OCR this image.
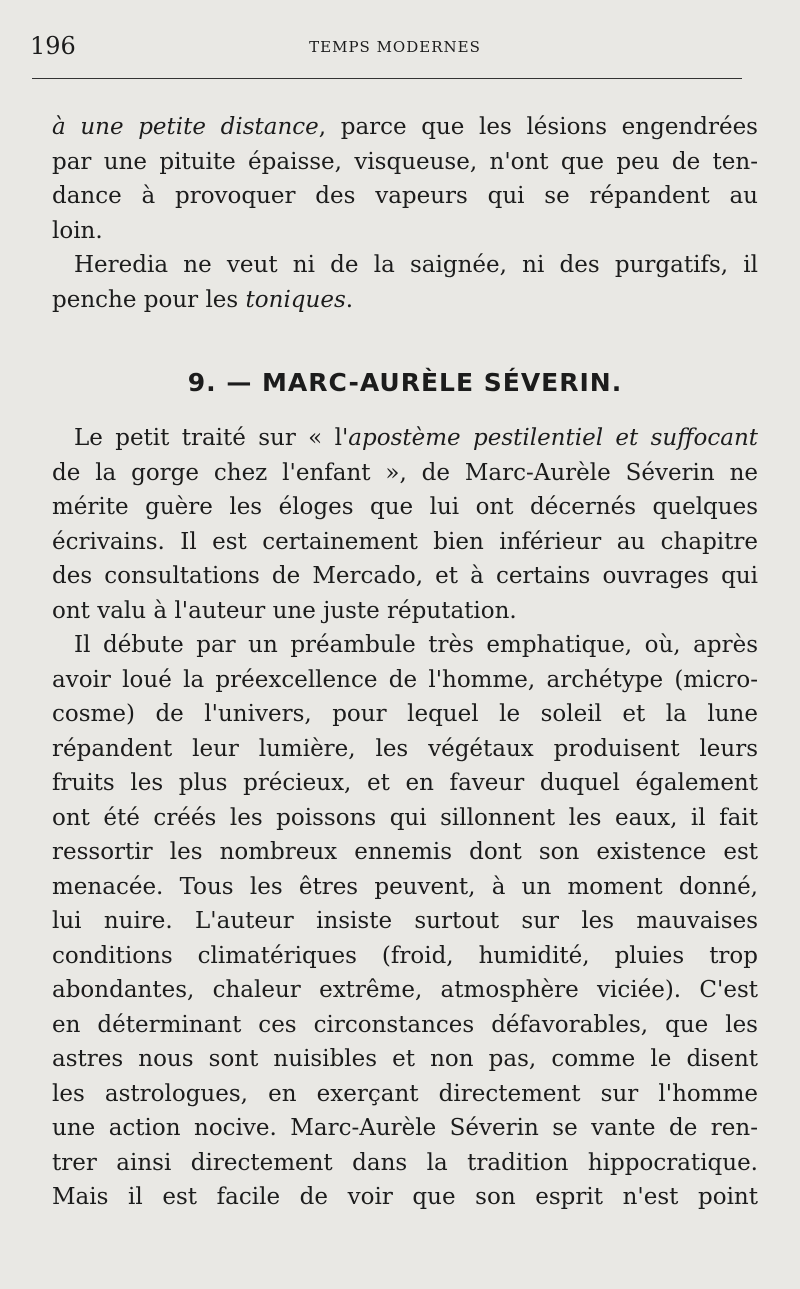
196	TEMPS MODERNES
à une petite distance, parce que les lésions engendrées
par une pituite épaisse, visqueuse, n'ont que peu de ten-
dance à provoquer des vapeurs qui se répandent au
loin.
Heredia ne veut ni de la saignée, ni des purgatifs, il
penche pour les toniques.
9. — MARC-AURÈLE SÉVERIN.
Le petit traité sur « l'apostème pestilentiel et suffocant
de la gorge chez l'enfant », de Marc-Aurèle Séverin ne
mérite guère les éloges que lui ont décernés quelques
écrivains. Il est certainement bien inférieur au chapitre
des consultations de Mercado, et à certains ouvrages qui
ont valu à l'auteur une juste réputation.
Il débute par un préambule très emphatique, où, après
avoir loué la préexcellence de l'homme, archétype (micro-
cosme) de l'univers, pour lequel le soleil et la lune
répandent leur lumière, les végétaux produisent leurs
fruits les plus précieux, et en faveur duquel également
ont été créés les poissons qui sillonnent les eaux, il fait
ressortir les nombreux ennemis dont son existence est
menacée. Tous les êtres peuvent, à un moment donné,
lui nuire. L'auteur insiste surtout sur les mauvaises
conditions climatériques (froid, humidité, pluies trop
abondantes, chaleur extrême, atmosphère viciée). C'est
en déterminant ces circonstances défavorables, que les
astres nous sont nuisibles et non pas, comme le disent
les astrologues, en exerçant directement sur l'homme
une action nocive. Marc-Aurèle Séverin se vante de ren-
trer ainsi directement dans la tradition hippocratique.
Mais il est facile de voir que son esprit n'est point
